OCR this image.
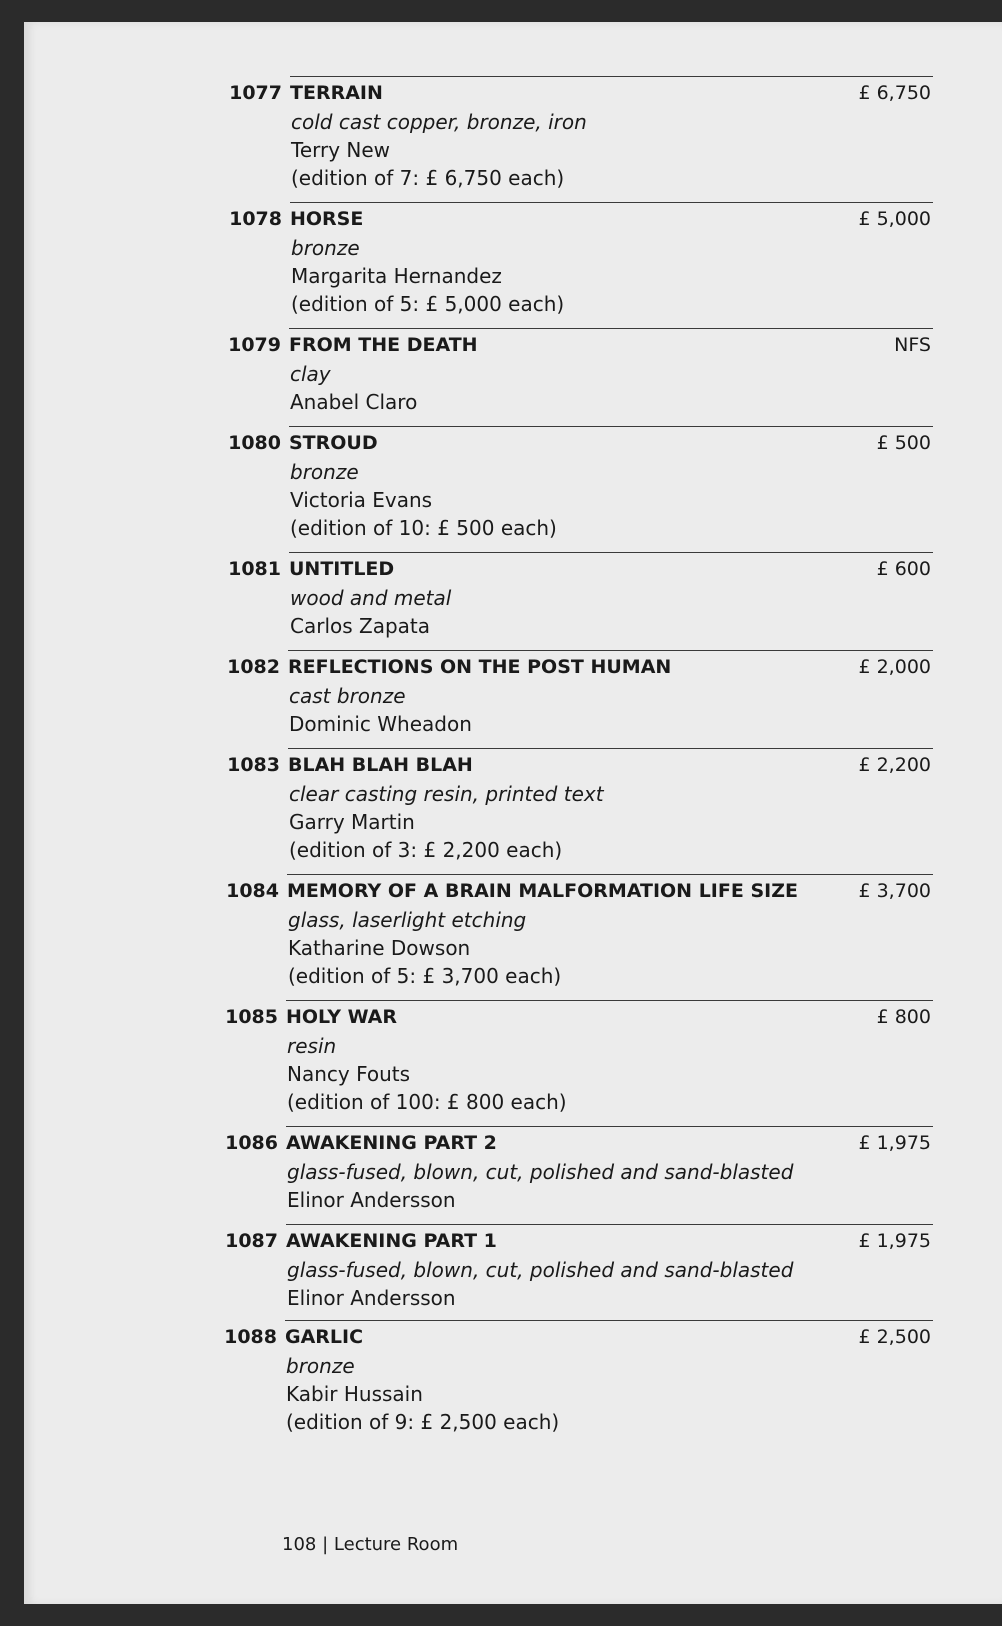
1077 TERRAIN	£ 6,750
cold cast copper, bronze, iron
Terry New
(edition of 7: £ 6,750 each)
1078 HORSE	£ 5,000
bronze
Margarita Hernandez
(edition of 5: £ 5,000 each)
1079 FROM THE DEATH	NFS
clay
Anabel Claro
1080 STROUD	£ 500
bronze
Victoria Evans
(edition of 10: £ 500 each)
1081 UNTITLED	£ 600
wood and metal
Carlos Zapata
1082 REFLECTIONS ON THE POST HUMAN	£ 2,000
cast bronze
Dominic Wheadon
1083 BLAH BLAH BLAH	£ 2,200
clear casting resin, printed text
Garry Martin
(edition of 3: £ 2,200 each)
1084 MEMORY OF A BRAIN MALFORMATION LIFE SIZE	£ 3,700
glass, laserlight etching
Katharine Dowson
(edition of 5: £ 3,700 each)
1085 HOLY WAR	£ 800
resin
Nancy Fouts
(edition of 100: £ 800 each)
1086 AWAKENING PART 2	£ 1,975
glass-fused, blown, cut, polished and sand-blasted
Elinor Andersson
1087 AWAKENING PART 1	£ 1,975
glass-fused, blown, cut, polished and sand-blasted
Elinor Andersson
1088 GARLIC	£ 2,500
bronze
Kabir Hussain
(edition of 9: £ 2,500 each)
108 | Lecture Room
